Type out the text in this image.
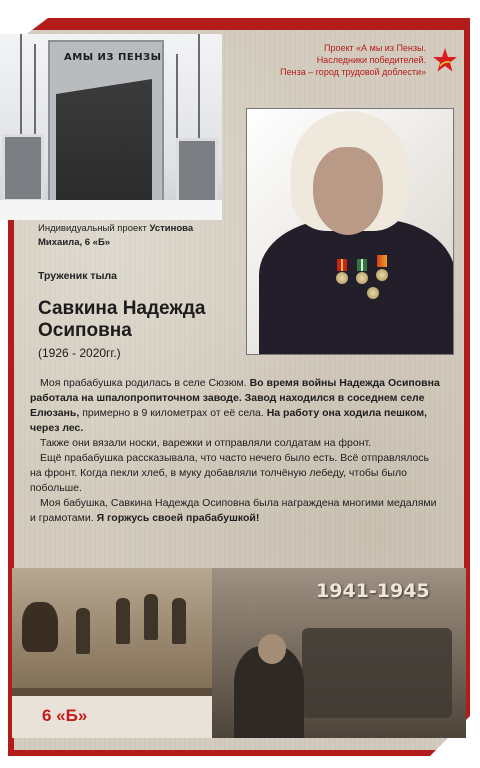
АМЫ ИЗ ПЕНЗЫ
Проект «А мы из Пензы.
Наследники победителей.
Пенза – город трудовой доблести»
Индивидуальный проект Устинова Михаила, 6 «Б»
Труженик тыла
Савкина Надежда Осиповна
(1926 - 2020гг.)

Моя прабабушка родилась в селе Сюзюм. Во время войны Надежда Осиповна работала на шпалопропиточном заводе. Завод находился в соседнем селе Елюзань, примерно в 9 километрах от её села. На работу она ходила пешком, через лес.

Также они вязали носки, варежки и отправляли солдатам на фронт.

Ещё прабабушка рассказывала, что часто нечего было есть. Всё отправлялось на фронт. Когда пекли хлеб, в муку добавляли толчёную лебеду, чтобы было побольше.

Моя бабушка, Савкина Надежда Осиповна была награждена многими медалями и грамотами. Я горжусь своей прабабушкой!

1941-1945
6 «Б»
